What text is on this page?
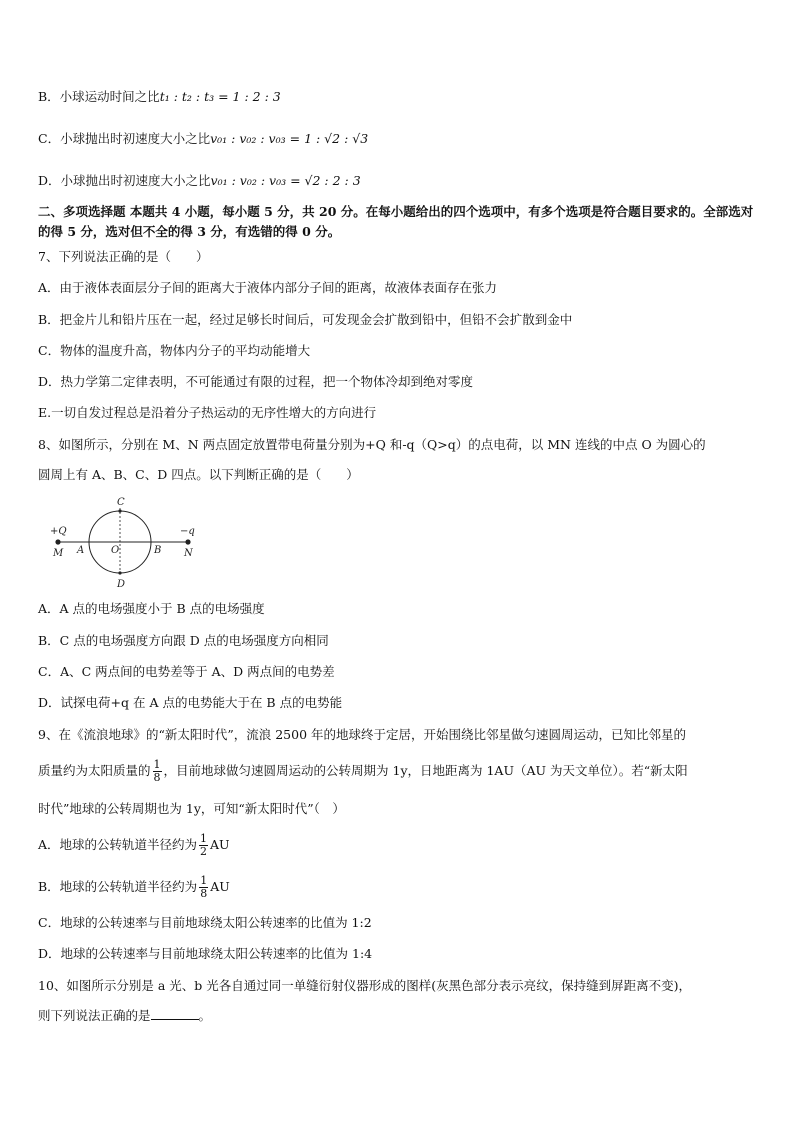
B．小球运动时间之比t₁ : t₂ : t₃ = 1 : 2 : 3
C．小球抛出时初速度大小之比v₀₁ : v₀₂ : v₀₃ = 1 : √2 : √3
D．小球抛出时初速度大小之比v₀₁ : v₀₂ : v₀₃ = √2 : 2 : 3
二、多项选择题 本题共 4 小题，每小题 5 分，共 20 分。在每小题给出的四个选项中，有多个选项是符合题目要求的。全部选对的得 5 分，选对但不全的得 3 分，有选错的得 0 分。
7、下列说法正确的是（　　）
A．由于液体表面层分子间的距离大于液体内部分子间的距离，故液体表面存在张力
B．把金片儿和铅片压在一起，经过足够长时间后，可发现金会扩散到铅中，但铅不会扩散到金中
C．物体的温度升高，物体内分子的平均动能增大
D．热力学第二定律表明，不可能通过有限的过程，把一个物体冷却到绝对零度
E.一切自发过程总是沿着分子热运动的无序性增大的方向进行
8、如图所示，分别在 M、N 两点固定放置带电荷量分别为+Q 和-q（Q>q）的点电荷，以 MN 连线的中点 O 为圆心的
圆周上有 A、B、C、D 四点。以下判断正确的是（　　）
+Q	−q
M	N
A	O	B
C
D
A．A 点的电场强度小于 B 点的电场强度
B．C 点的电场强度方向跟 D 点的电场强度方向相同
C．A、C 两点间的电势差等于 A、D 两点间的电势差
D．试探电荷+q 在 A 点的电势能大于在 B 点的电势能
9、在《流浪地球》的“新太阳时代”，流浪 2500 年的地球终于定居，开始围绕比邻星做匀速圆周运动，已知比邻星的
质量约为太阳质量的 $\frac{1}{8}$ ，目前地球做匀速圆周运动的公转周期为 1y，日地距离为 1AU（AU 为天文单位）。若“新太阳
时代”地球的公转周期也为 1y，可知“新太阳时代”（　）
A．地球的公转轨道半径约为 $\frac{1}{2}$ AU
B．地球的公转轨道半径约为 $\frac{1}{8}$ AU
C．地球的公转速率与目前地球绕太阳公转速率的比值为 1:2
D．地球的公转速率与目前地球绕太阳公转速率的比值为 1:4
10、如图所示分别是 a 光、b 光各自通过同一单缝衍射仪器形成的图样(灰黑色部分表示亮纹，保持缝到屏距离不变)，
则下列说法正确的是	。
